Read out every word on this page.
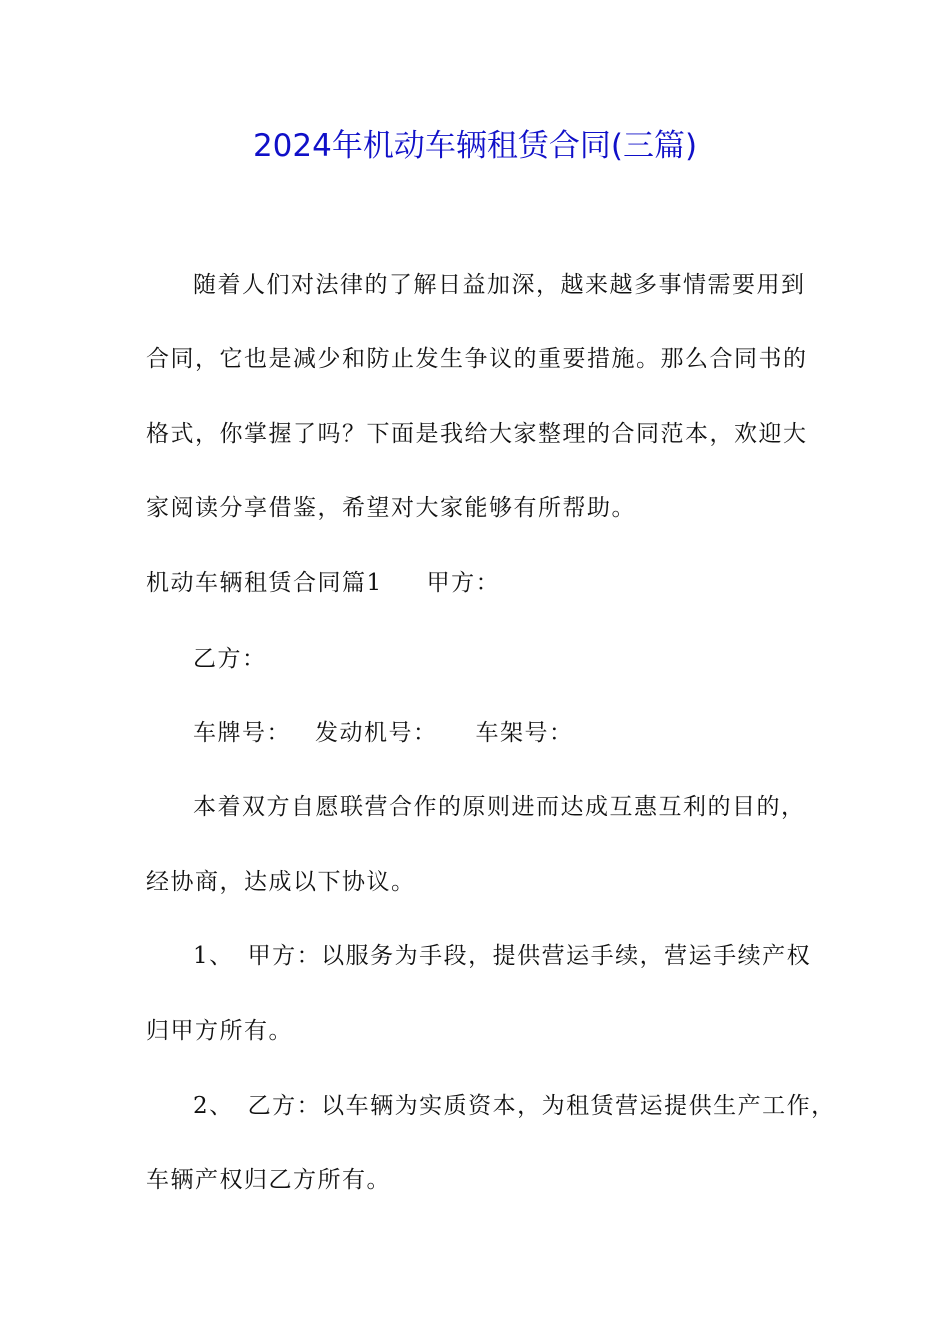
2024年机动车辆租赁合同(三篇)
随着人们对法律的了解日益加深，越来越多事情需要用到
合同，它也是减少和防止发生争议的重要措施。那么合同书的
格式，你掌握了吗？下面是我给大家整理的合同范本，欢迎大
家阅读分享借鉴，希望对大家能够有所帮助。
机动车辆租赁合同篇1 甲方：
乙方：
车牌号： 发动机号： 车架号：
本着双方自愿联营合作的原则进而达成互惠互利的目的，
经协商，达成以下协议。
1、 甲方：以服务为手段，提供营运手续，营运手续产权
归甲方所有。
2、 乙方：以车辆为实质资本，为租赁营运提供生产工作，
车辆产权归乙方所有。
